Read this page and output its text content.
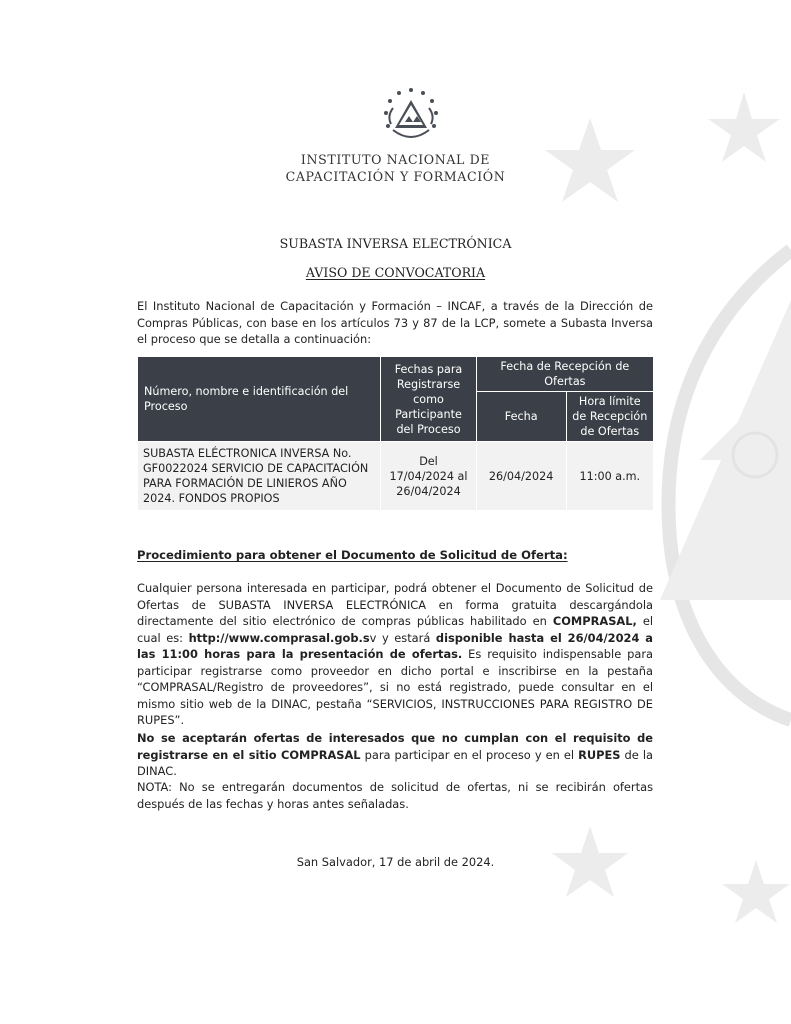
INSTITUTO NACIONAL DE
CAPACITACIÓN Y FORMACIÓN
SUBASTA INVERSA ELECTRÓNICA
AVISO DE CONVOCATORIA
El Instituto Nacional de Capacitación y Formación – INCAF, a través de la Dirección de Compras Públicas, con base en los artículos 73 y 87 de la LCP, somete a Subasta Inversa el proceso que se detalla a continuación:
Número, nombre e identificación del Proceso	Fechas para Registrarse como Participante del Proceso	Fecha de Recepción de Ofertas	
		Fecha	Hora límite de Recepción de Ofertas
SUBASTA ELÉCTRONICA INVERSA No. GF0022024 SERVICIO DE CAPACITACIÓN PARA FORMACIÓN DE LINIEROS AÑO 2024. FONDOS PROPIOS	Del 17/04/2024 al 26/04/2024	26/04/2024	11:00 a.m.
Procedimiento para obtener el Documento de Solicitud de Oferta:
Cualquier persona interesada en participar, podrá obtener el Documento de Solicitud de Ofertas de SUBASTA INVERSA ELECTRÓNICA en forma gratuita descargándola directamente del sitio electrónico de compras públicas habilitado en COMPRASAL, el cual es: http://www.comprasal.gob.sv y estará disponible hasta el 26/04/2024 a las 11:00 horas para la presentación de ofertas. Es requisito indispensable para participar registrarse como proveedor en dicho portal e inscribirse en la pestaña “COMPRASAL/Registro de proveedores”, si no está registrado, puede consultar en el mismo sitio web de la DINAC, pestaña “SERVICIOS, INSTRUCCIONES PARA REGISTRO DE RUPES”.
No se aceptarán ofertas de interesados que no cumplan con el requisito de registrarse en el sitio COMPRASAL para participar en el proceso y en el RUPES de la DINAC.
NOTA: No se entregarán documentos de solicitud de ofertas, ni se recibirán ofertas después de las fechas y horas antes señaladas.
San Salvador, 17 de abril de 2024.
